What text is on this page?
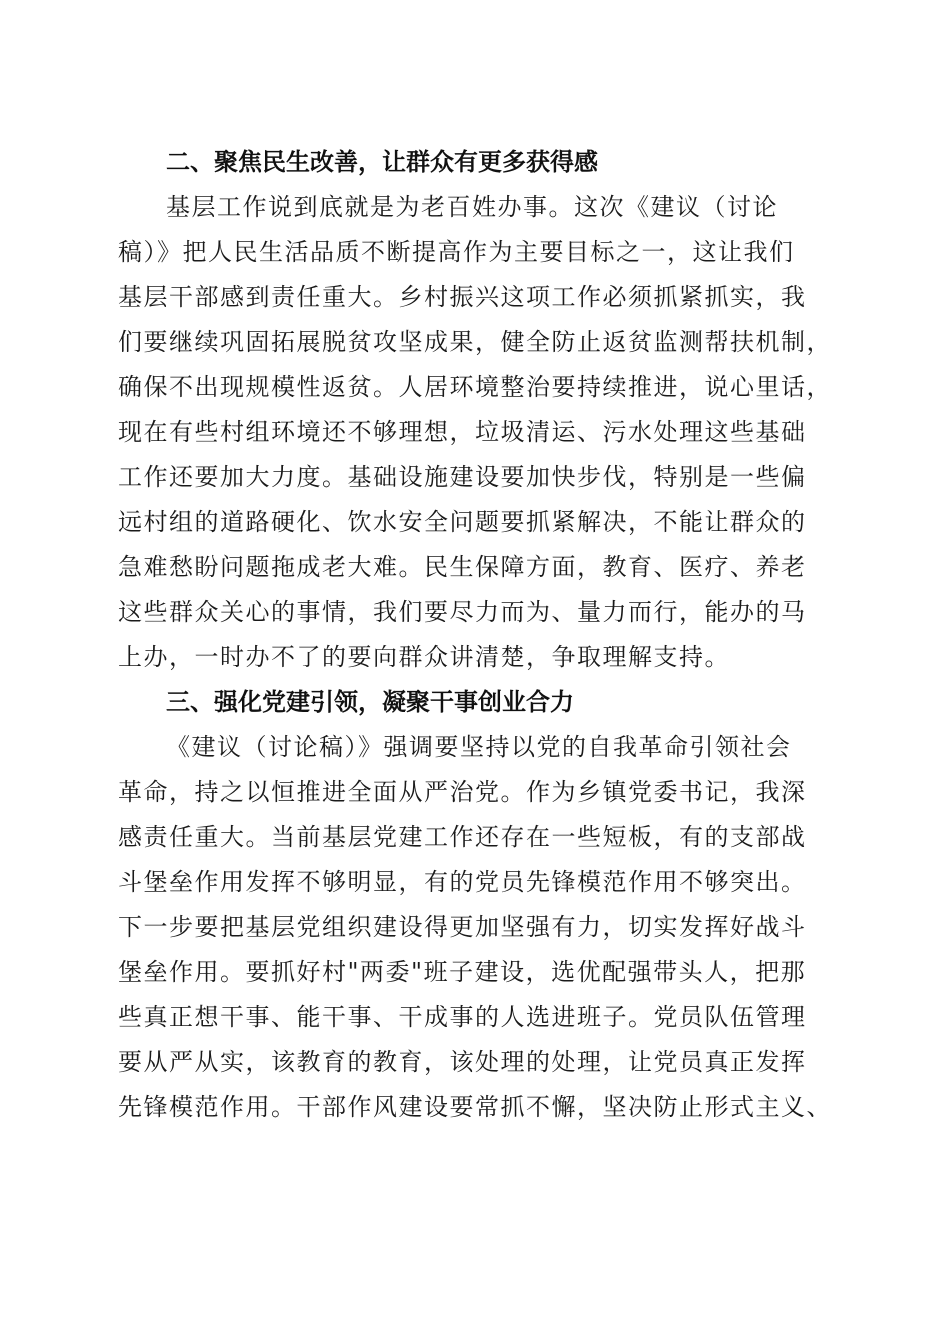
二、聚焦民生改善，让群众有更多获得感
基层工作说到底就是为老百姓办事。这次《建议（讨论
稿）》把人民生活品质不断提高作为主要目标之一，这让我们
基层干部感到责任重大。乡村振兴这项工作必须抓紧抓实，我
们要继续巩固拓展脱贫攻坚成果，健全防止返贫监测帮扶机制，
确保不出现规模性返贫。人居环境整治要持续推进，说心里话，
现在有些村组环境还不够理想，垃圾清运、污水处理这些基础
工作还要加大力度。基础设施建设要加快步伐，特别是一些偏
远村组的道路硬化、饮水安全问题要抓紧解决，不能让群众的
急难愁盼问题拖成老大难。民生保障方面，教育、医疗、养老
这些群众关心的事情，我们要尽力而为、量力而行，能办的马
上办，一时办不了的要向群众讲清楚，争取理解支持。
三、强化党建引领，凝聚干事创业合力
《建议（讨论稿）》强调要坚持以党的自我革命引领社会
革命，持之以恒推进全面从严治党。作为乡镇党委书记，我深
感责任重大。当前基层党建工作还存在一些短板，有的支部战
斗堡垒作用发挥不够明显，有的党员先锋模范作用不够突出。
下一步要把基层党组织建设得更加坚强有力，切实发挥好战斗
堡垒作用。要抓好村"两委"班子建设，选优配强带头人，把那
些真正想干事、能干事、干成事的人选进班子。党员队伍管理
要从严从实，该教育的教育，该处理的处理，让党员真正发挥
先锋模范作用。干部作风建设要常抓不懈，坚决防止形式主义、
